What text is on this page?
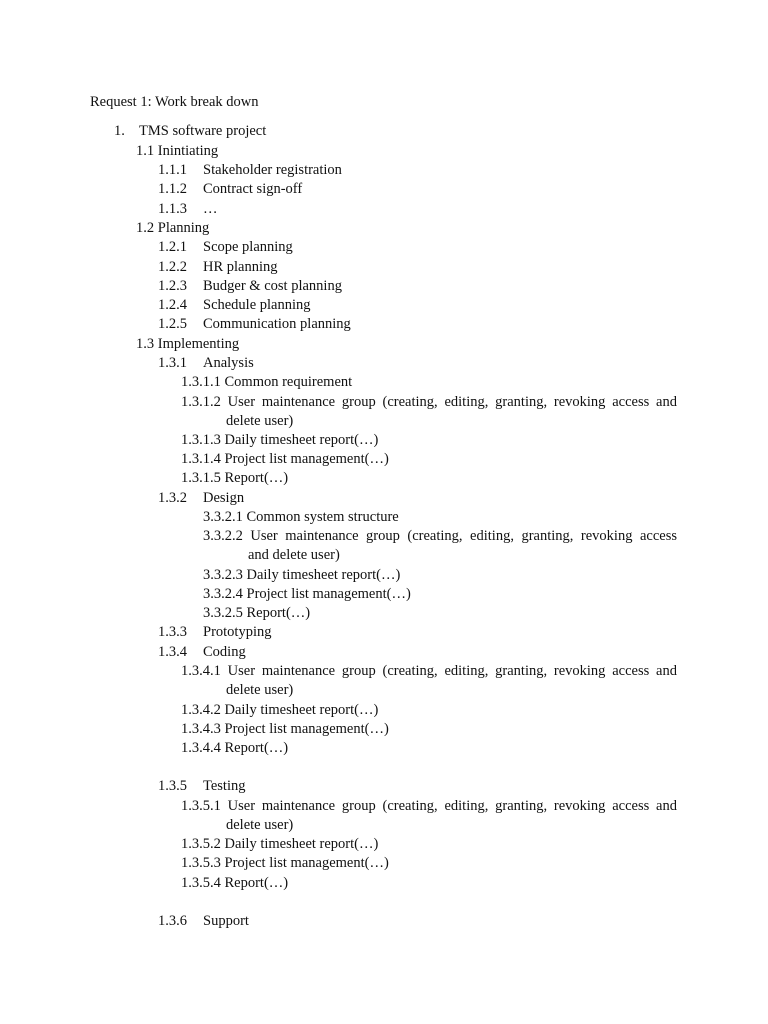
Request 1: Work break down
1. TMS software project
1.1 Inintiating
1.1.1 Stakeholder registration
1.1.2 Contract sign-off
1.1.3 …
1.2 Planning
1.2.1 Scope planning
1.2.2 HR planning
1.2.3 Budger & cost planning
1.2.4 Schedule planning
1.2.5 Communication planning
1.3 Implementing
1.3.1 Analysis
1.3.1.1 Common requirement
1.3.1.2 User maintenance group (creating, editing, granting, revoking access and
delete user)
1.3.1.3 Daily timesheet report(…)
1.3.1.4 Project list management(…)
1.3.1.5 Report(…)
1.3.2 Design
3.3.2.1 Common system structure
3.3.2.2 User maintenance group (creating, editing, granting, revoking access
and delete user)
3.3.2.3 Daily timesheet report(…)
3.3.2.4 Project list management(…)
3.3.2.5 Report(…)
1.3.3 Prototyping
1.3.4 Coding
1.3.4.1 User maintenance group (creating, editing, granting, revoking access and
delete user)
1.3.4.2 Daily timesheet report(…)
1.3.4.3 Project list management(…)
1.3.4.4 Report(…)
1.3.5 Testing
1.3.5.1 User maintenance group (creating, editing, granting, revoking access and
delete user)
1.3.5.2 Daily timesheet report(…)
1.3.5.3 Project list management(…)
1.3.5.4 Report(…)
1.3.6 Support
